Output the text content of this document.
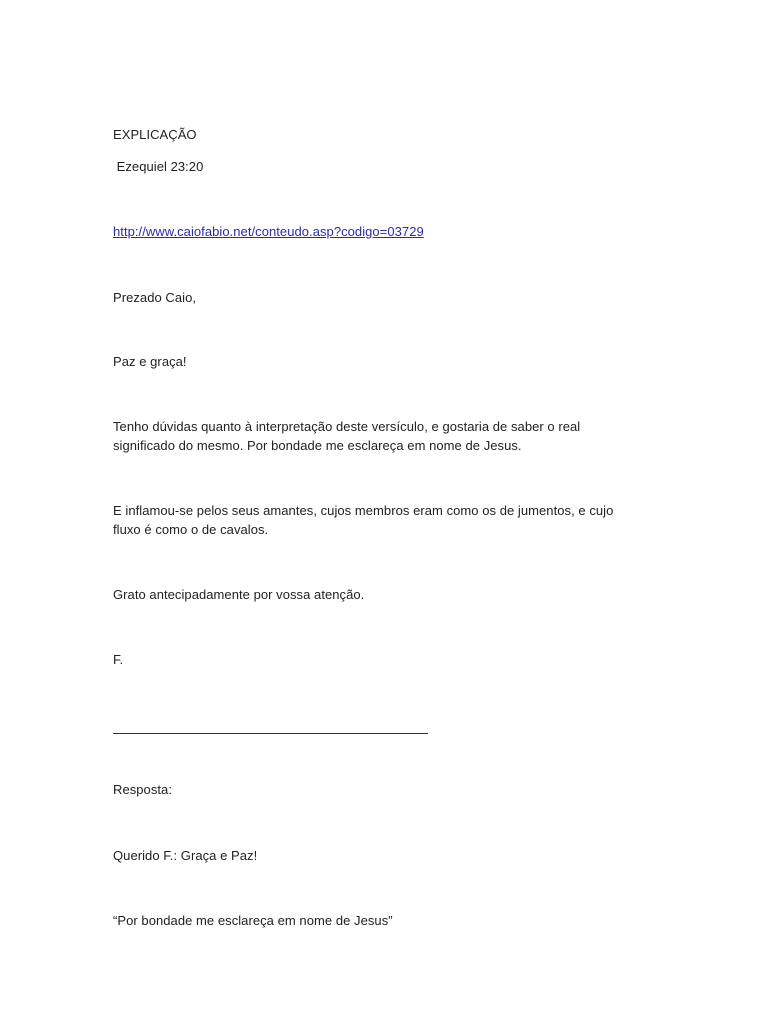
EXPLICAÇÃO
Ezequiel 23:20
http://www.caiofabio.net/conteudo.asp?codigo=03729
Prezado Caio,
Paz e graça!
Tenho dúvidas quanto à interpretação deste versículo, e gostaria de saber o real
significado do mesmo. Por bondade me esclareça em nome de Jesus.
E inflamou-se pelos seus amantes, cujos membros eram como os de jumentos, e cujo
fluxo é como o de cavalos.
Grato antecipadamente por vossa atenção.
F.
Resposta:
Querido F.: Graça e Paz!
“Por bondade me esclareça em nome de Jesus”
